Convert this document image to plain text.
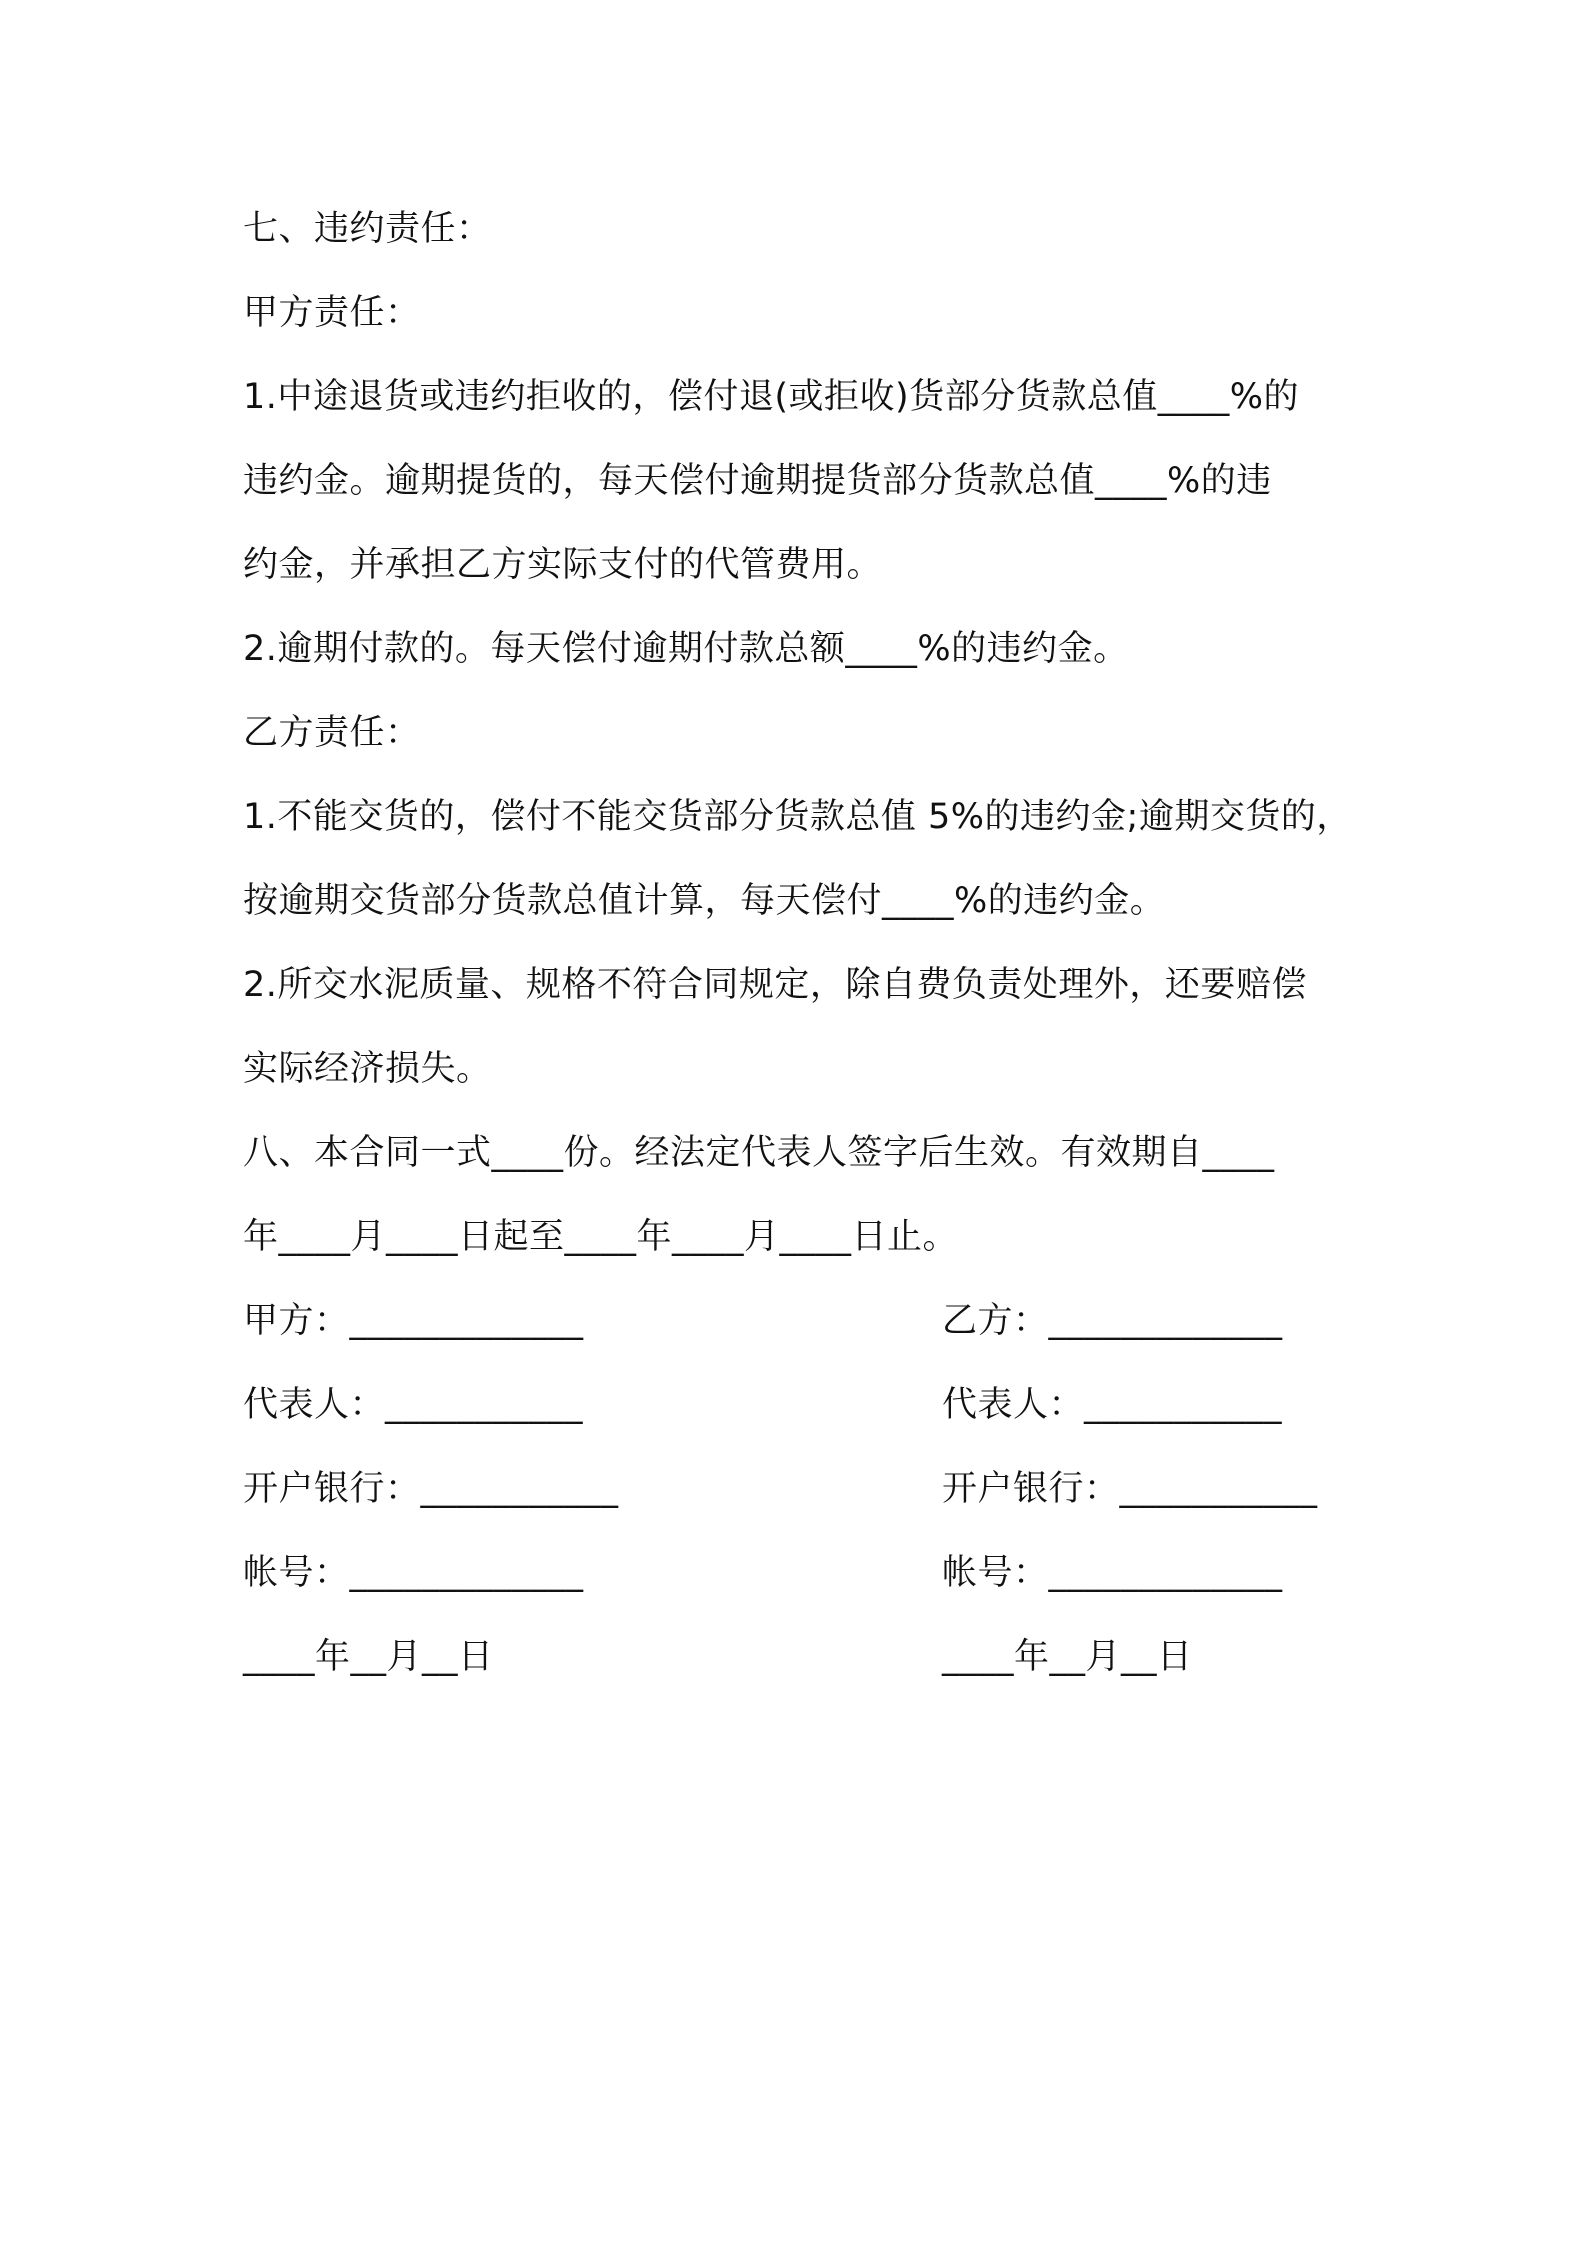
七、违约责任：
甲方责任：
1.中途退货或违约拒收的，偿付退(或拒收)货部分货款总值____%的
违约金。逾期提货的，每天偿付逾期提货部分货款总值____%的违
约金，并承担乙方实际支付的代管费用。
2.逾期付款的。每天偿付逾期付款总额____%的违约金。
乙方责任：
1.不能交货的，偿付不能交货部分货款总值 5%的违约金;逾期交货的，
按逾期交货部分货款总值计算，每天偿付____%的违约金。
2.所交水泥质量、规格不符合同规定，除自费负责处理外，还要赔偿
实际经济损失。
八、本合同一式____份。经法定代表人签字后生效。有效期自____
年____月____日起至____年____月____日止。
甲方：_____________
代表人：___________
开户银行：___________
帐号：_____________
____年__月__日
乙方：_____________
代表人：___________
开户银行：___________
帐号：_____________
____年__月__日
